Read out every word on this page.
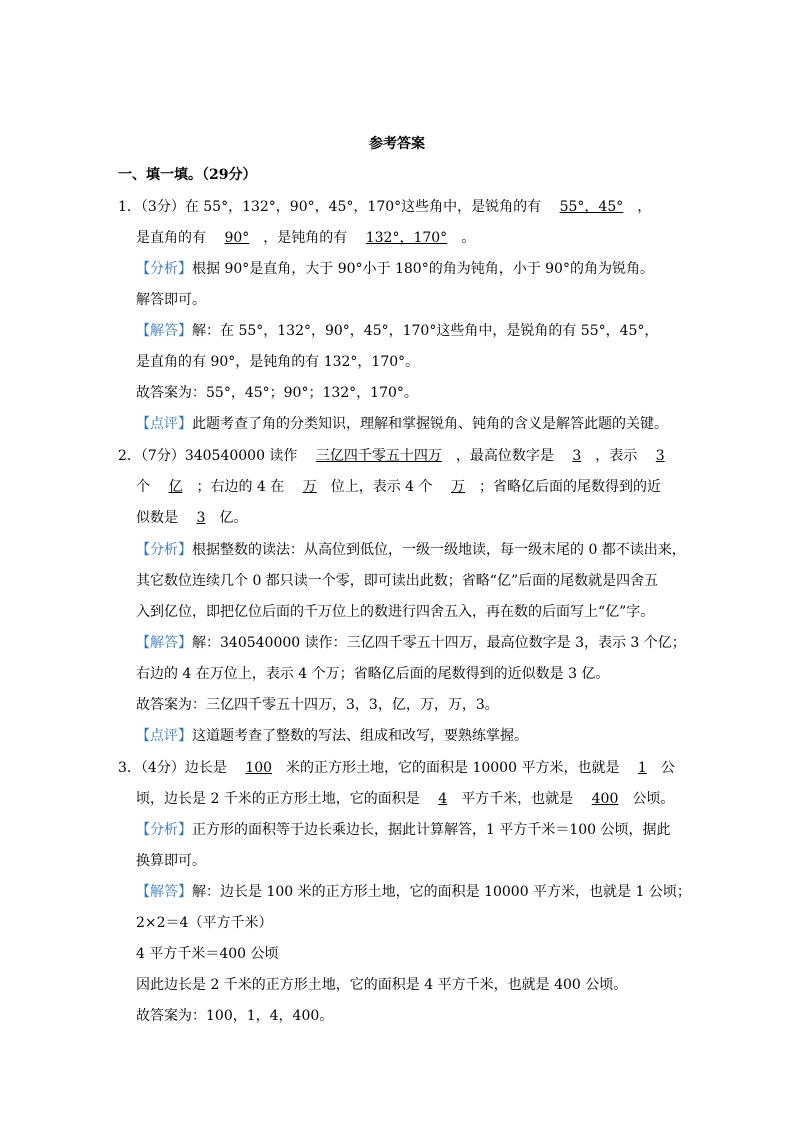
参考答案
一、填一填。（29分）
1．（3分）在 55°，132°，90°，45°，170°这些角中，是锐角的有 55°，45° ，
是直角的有 90° ，是钝角的有 132°，170° 。
【分析】根据 90°是直角，大于 90°小于 180°的角为钝角，小于 90°的角为锐角。
解答即可。
【解答】解：在 55°，132°，90°，45°，170°这些角中，是锐角的有 55°，45°，
是直角的有 90°，是钝角的有 132°，170°。
故答案为：55°，45°；90°；132°，170°。
【点评】此题考查了角的分类知识，理解和掌握锐角、钝角的含义是解答此题的关键。
2．（7分）340540000 读作 三亿四千零五十四万 ，最高位数字是 3 ，表示 3
个 亿 ；右边的 4 在 万 位上，表示 4 个 万 ；省略亿后面的尾数得到的近
似数是 3 亿。
【分析】根据整数的读法：从高位到低位，一级一级地读，每一级末尾的 0 都不读出来，
其它数位连续几个 0 都只读一个零，即可读出此数；省略“亿”后面的尾数就是四舍五
入到亿位，即把亿位后面的千万位上的数进行四舍五入，再在数的后面写上“亿”字。
【解答】解：340540000 读作：三亿四千零五十四万，最高位数字是 3，表示 3 个亿；
右边的 4 在万位上，表示 4 个万；省略亿后面的尾数得到的近似数是 3 亿。
故答案为：三亿四千零五十四万，3，3，亿，万，万，3。
【点评】这道题考查了整数的写法、组成和改写，要熟练掌握。
3．（4分）边长是 100 米的正方形土地，它的面积是 10000 平方米，也就是 1 公
顷，边长是 2 千米的正方形土地，它的面积是 4 平方千米，也就是 400 公顷。
【分析】正方形的面积等于边长乘边长，据此计算解答，1 平方千米＝100 公顷，据此
换算即可。
【解答】解：边长是 100 米的正方形土地，它的面积是 10000 平方米，也就是 1 公顷；
2×2＝4（平方千米）
4 平方千米＝400 公顷
因此边长是 2 千米的正方形土地，它的面积是 4 平方千米，也就是 400 公顷。
故答案为：100，1，4，400。
